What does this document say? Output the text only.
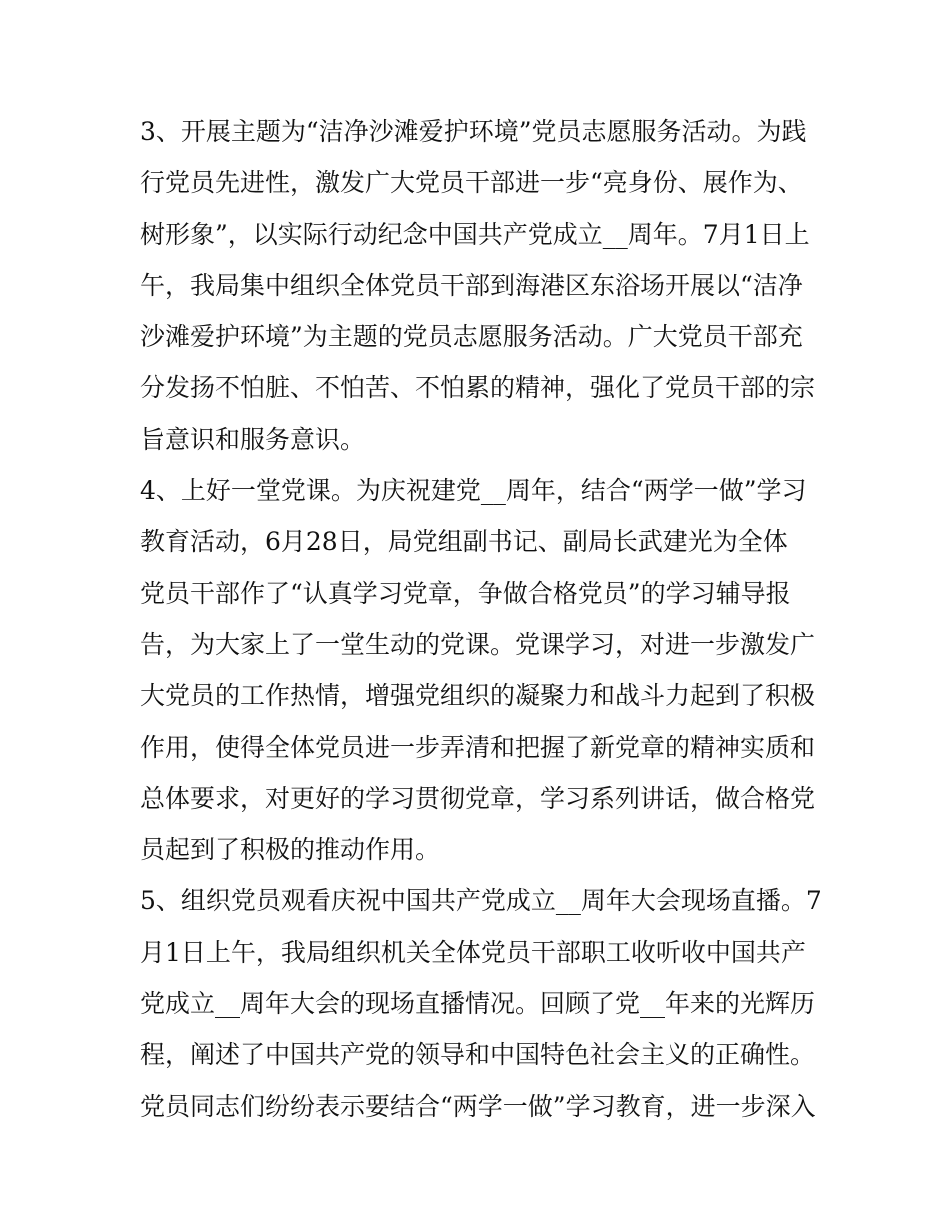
3、开展主题为“洁净沙滩爱护环境”党员志愿服务活动。为践
行党员先进性，激发广大党员干部进一步“亮身份、展作为、
树形象”，以实际行动纪念中国共产党成立__周年。7月1日上
午，我局集中组织全体党员干部到海港区东浴场开展以“洁净
沙滩爱护环境”为主题的党员志愿服务活动。广大党员干部充
分发扬不怕脏、不怕苦、不怕累的精神，强化了党员干部的宗
旨意识和服务意识。
4、上好一堂党课。为庆祝建党__周年，结合“两学一做”学习
教育活动，6月28日，局党组副书记、副局长武建光为全体
党员干部作了“认真学习党章，争做合格党员”的学习辅导报
告，为大家上了一堂生动的党课。党课学习，对进一步激发广
大党员的工作热情，增强党组织的凝聚力和战斗力起到了积极
作用，使得全体党员进一步弄清和把握了新党章的精神实质和
总体要求，对更好的学习贯彻党章，学习系列讲话，做合格党
员起到了积极的推动作用。
5、组织党员观看庆祝中国共产党成立__周年大会现场直播。7
月1日上午，我局组织机关全体党员干部职工收听收中国共产
党成立__周年大会的现场直播情况。回顾了党__年来的光辉历
程，阐述了中国共产党的领导和中国特色社会主义的正确性。
党员同志们纷纷表示要结合“两学一做”学习教育，进一步深入
